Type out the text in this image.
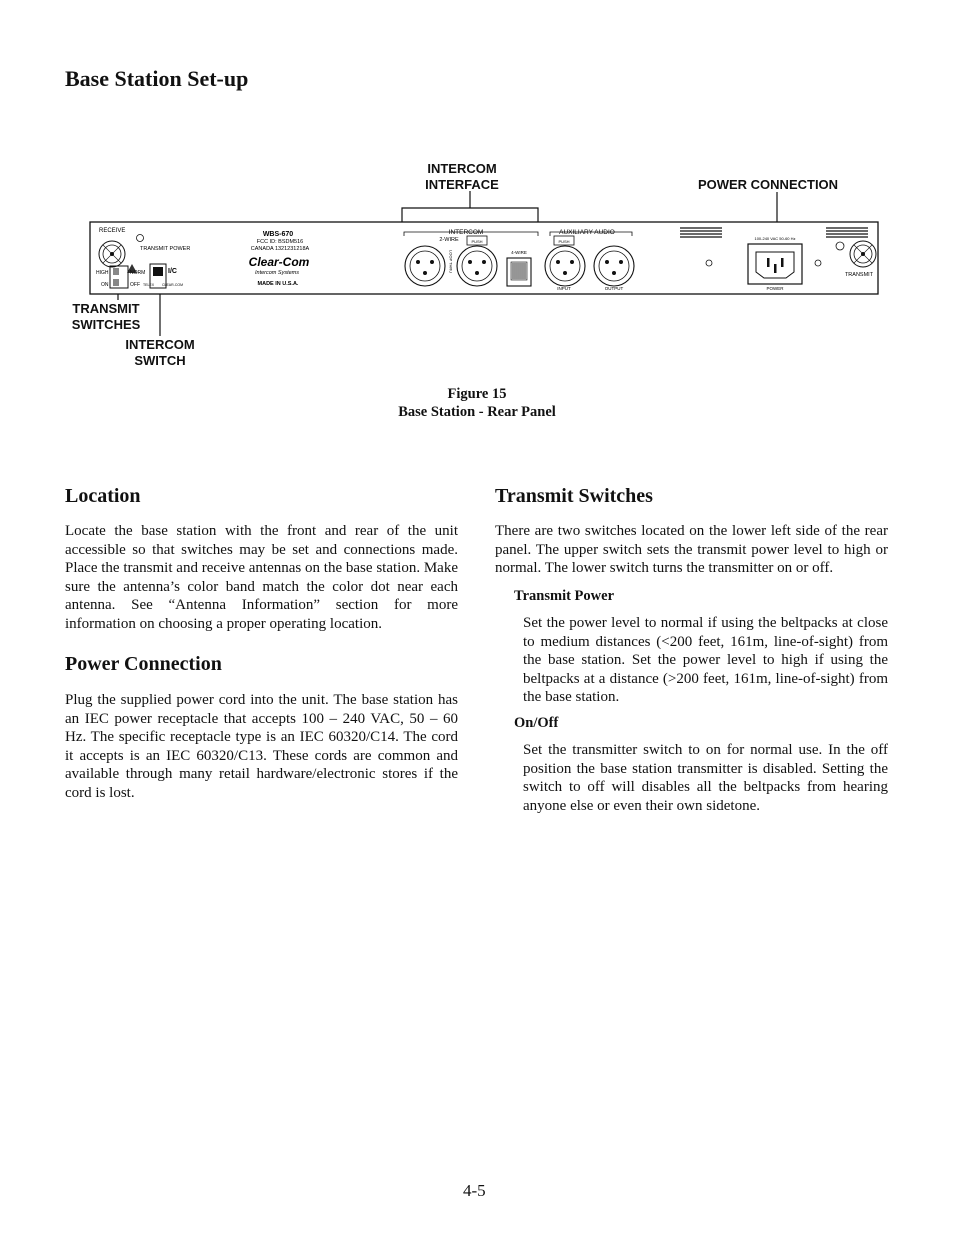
Base Station Set-up
INTERCOM INTERFACE	POWER CONNECTION
TRANSMIT SWITCHES
INTERCOM SWITCH
RECEIVE
TRANSMIT POWER
HIGH	NORM
ON	OFF
I/C
TELEX CLEAR-COM
WBS-670
FCC ID: BSDM516
CANADA 1321231218A
Clear-Com
Intercom Systems
MADE IN U.S.A.
INTERCOM
2-WIRE	PUSH
LOOP THRU	4-WIRE
AUXILIARY AUDIO
PUSH
INPUT	OUTPUT
100-240 VAC 50-60 Hz
POWER
TRANSMIT
Figure 15
Base Station - Rear Panel
Location

Locate the base station with the front and rear of the unit accessible so that switches may be set and connections made. Place the transmit and receive antennas on the base station. Make sure the antenna’s color band match the color dot near each antenna. See “Antenna Information” section for more information on choosing a proper operating location.

Power Connection

Plug the supplied power cord into the unit. The base station has an IEC power receptacle that accepts 100 – 240 VAC, 50 – 60 Hz. The specific receptacle type is an IEC 60320/C14. The cord it accepts is an IEC 60320/C13. These cords are common and available through many retail hardware/electronic stores if the cord is lost.

Transmit Switches

There are two switches located on the lower left side of the rear panel. The upper switch sets the transmit power level to high or normal. The lower switch turns the transmitter on or off.

Transmit Power

Set the power level to normal if using the beltpacks at close to medium distances (<200 feet, 161m, line-of-sight) from the base station. Set the power level to high if using the beltpacks at a distance (>200 feet, 161m, line-of-sight) from the base station.

On/Off

Set the transmitter switch to on for normal use. In the off position the base station transmitter is disabled. Setting the switch to off will disables all the beltpacks from hearing anyone else or even their own sidetone.

4-5
